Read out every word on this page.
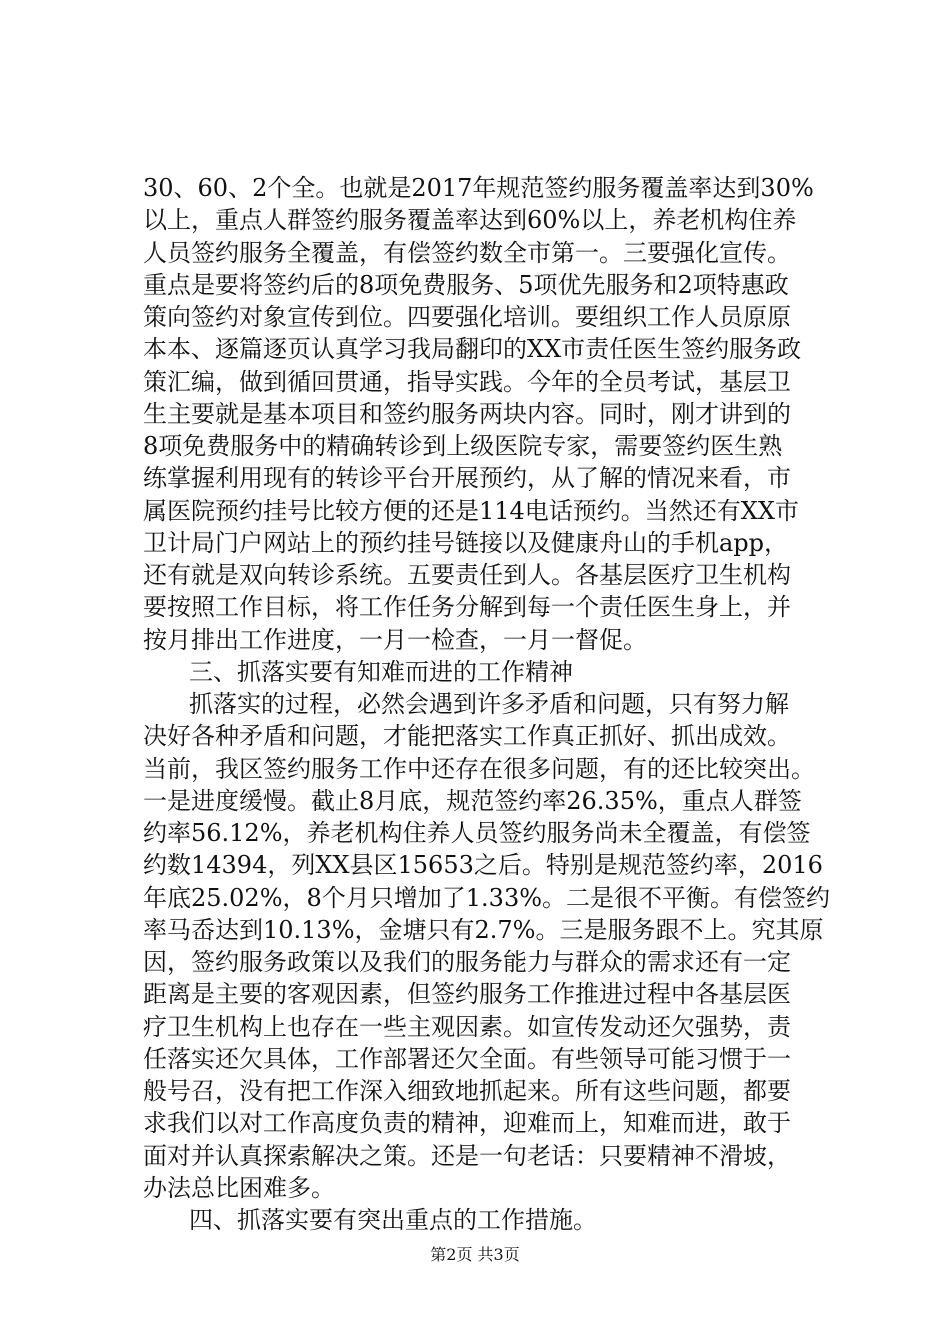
30、60、2个全。也就是2017年规范签约服务覆盖率达到30%
以上，重点人群签约服务覆盖率达到60%以上，养老机构住养
人员签约服务全覆盖，有偿签约数全市第一。三要强化宣传。
重点是要将签约后的8项免费服务、5项优先服务和2项特惠政
策向签约对象宣传到位。四要强化培训。要组织工作人员原原
本本、逐篇逐页认真学习我局翻印的XX市责任医生签约服务政
策汇编，做到循回贯通，指导实践。今年的全员考试，基层卫
生主要就是基本项目和签约服务两块内容。同时，刚才讲到的
8项免费服务中的精确转诊到上级医院专家，需要签约医生熟
练掌握利用现有的转诊平台开展预约，从了解的情况来看，市
属医院预约挂号比较方便的还是114电话预约。当然还有XX市
卫计局门户网站上的预约挂号链接以及健康舟山的手机app，
还有就是双向转诊系统。五要责任到人。各基层医疗卫生机构
要按照工作目标，将工作任务分解到每一个责任医生身上，并
按月排出工作进度，一月一检查，一月一督促。
三、抓落实要有知难而进的工作精神
抓落实的过程，必然会遇到许多矛盾和问题，只有努力解
决好各种矛盾和问题，才能把落实工作真正抓好、抓出成效。
当前，我区签约服务工作中还存在很多问题，有的还比较突出。
一是进度缓慢。截止8月底，规范签约率26.35%，重点人群签
约率56.12%，养老机构住养人员签约服务尚未全覆盖，有偿签
约数14394，列XX县区15653之后。特别是规范签约率，2016
年底25.02%，8个月只增加了1.33%。二是很不平衡。有偿签约
率马岙达到10.13%，金塘只有2.7%。三是服务跟不上。究其原
因，签约服务政策以及我们的服务能力与群众的需求还有一定
距离是主要的客观因素，但签约服务工作推进过程中各基层医
疗卫生机构上也存在一些主观因素。如宣传发动还欠强势，责
任落实还欠具体，工作部署还欠全面。有些领导可能习惯于一
般号召，没有把工作深入细致地抓起来。所有这些问题，都要
求我们以对工作高度负责的精神，迎难而上，知难而进，敢于
面对并认真探索解决之策。还是一句老话：只要精神不滑坡，
办法总比困难多。
四、抓落实要有突出重点的工作措施。
第2页 共3页
